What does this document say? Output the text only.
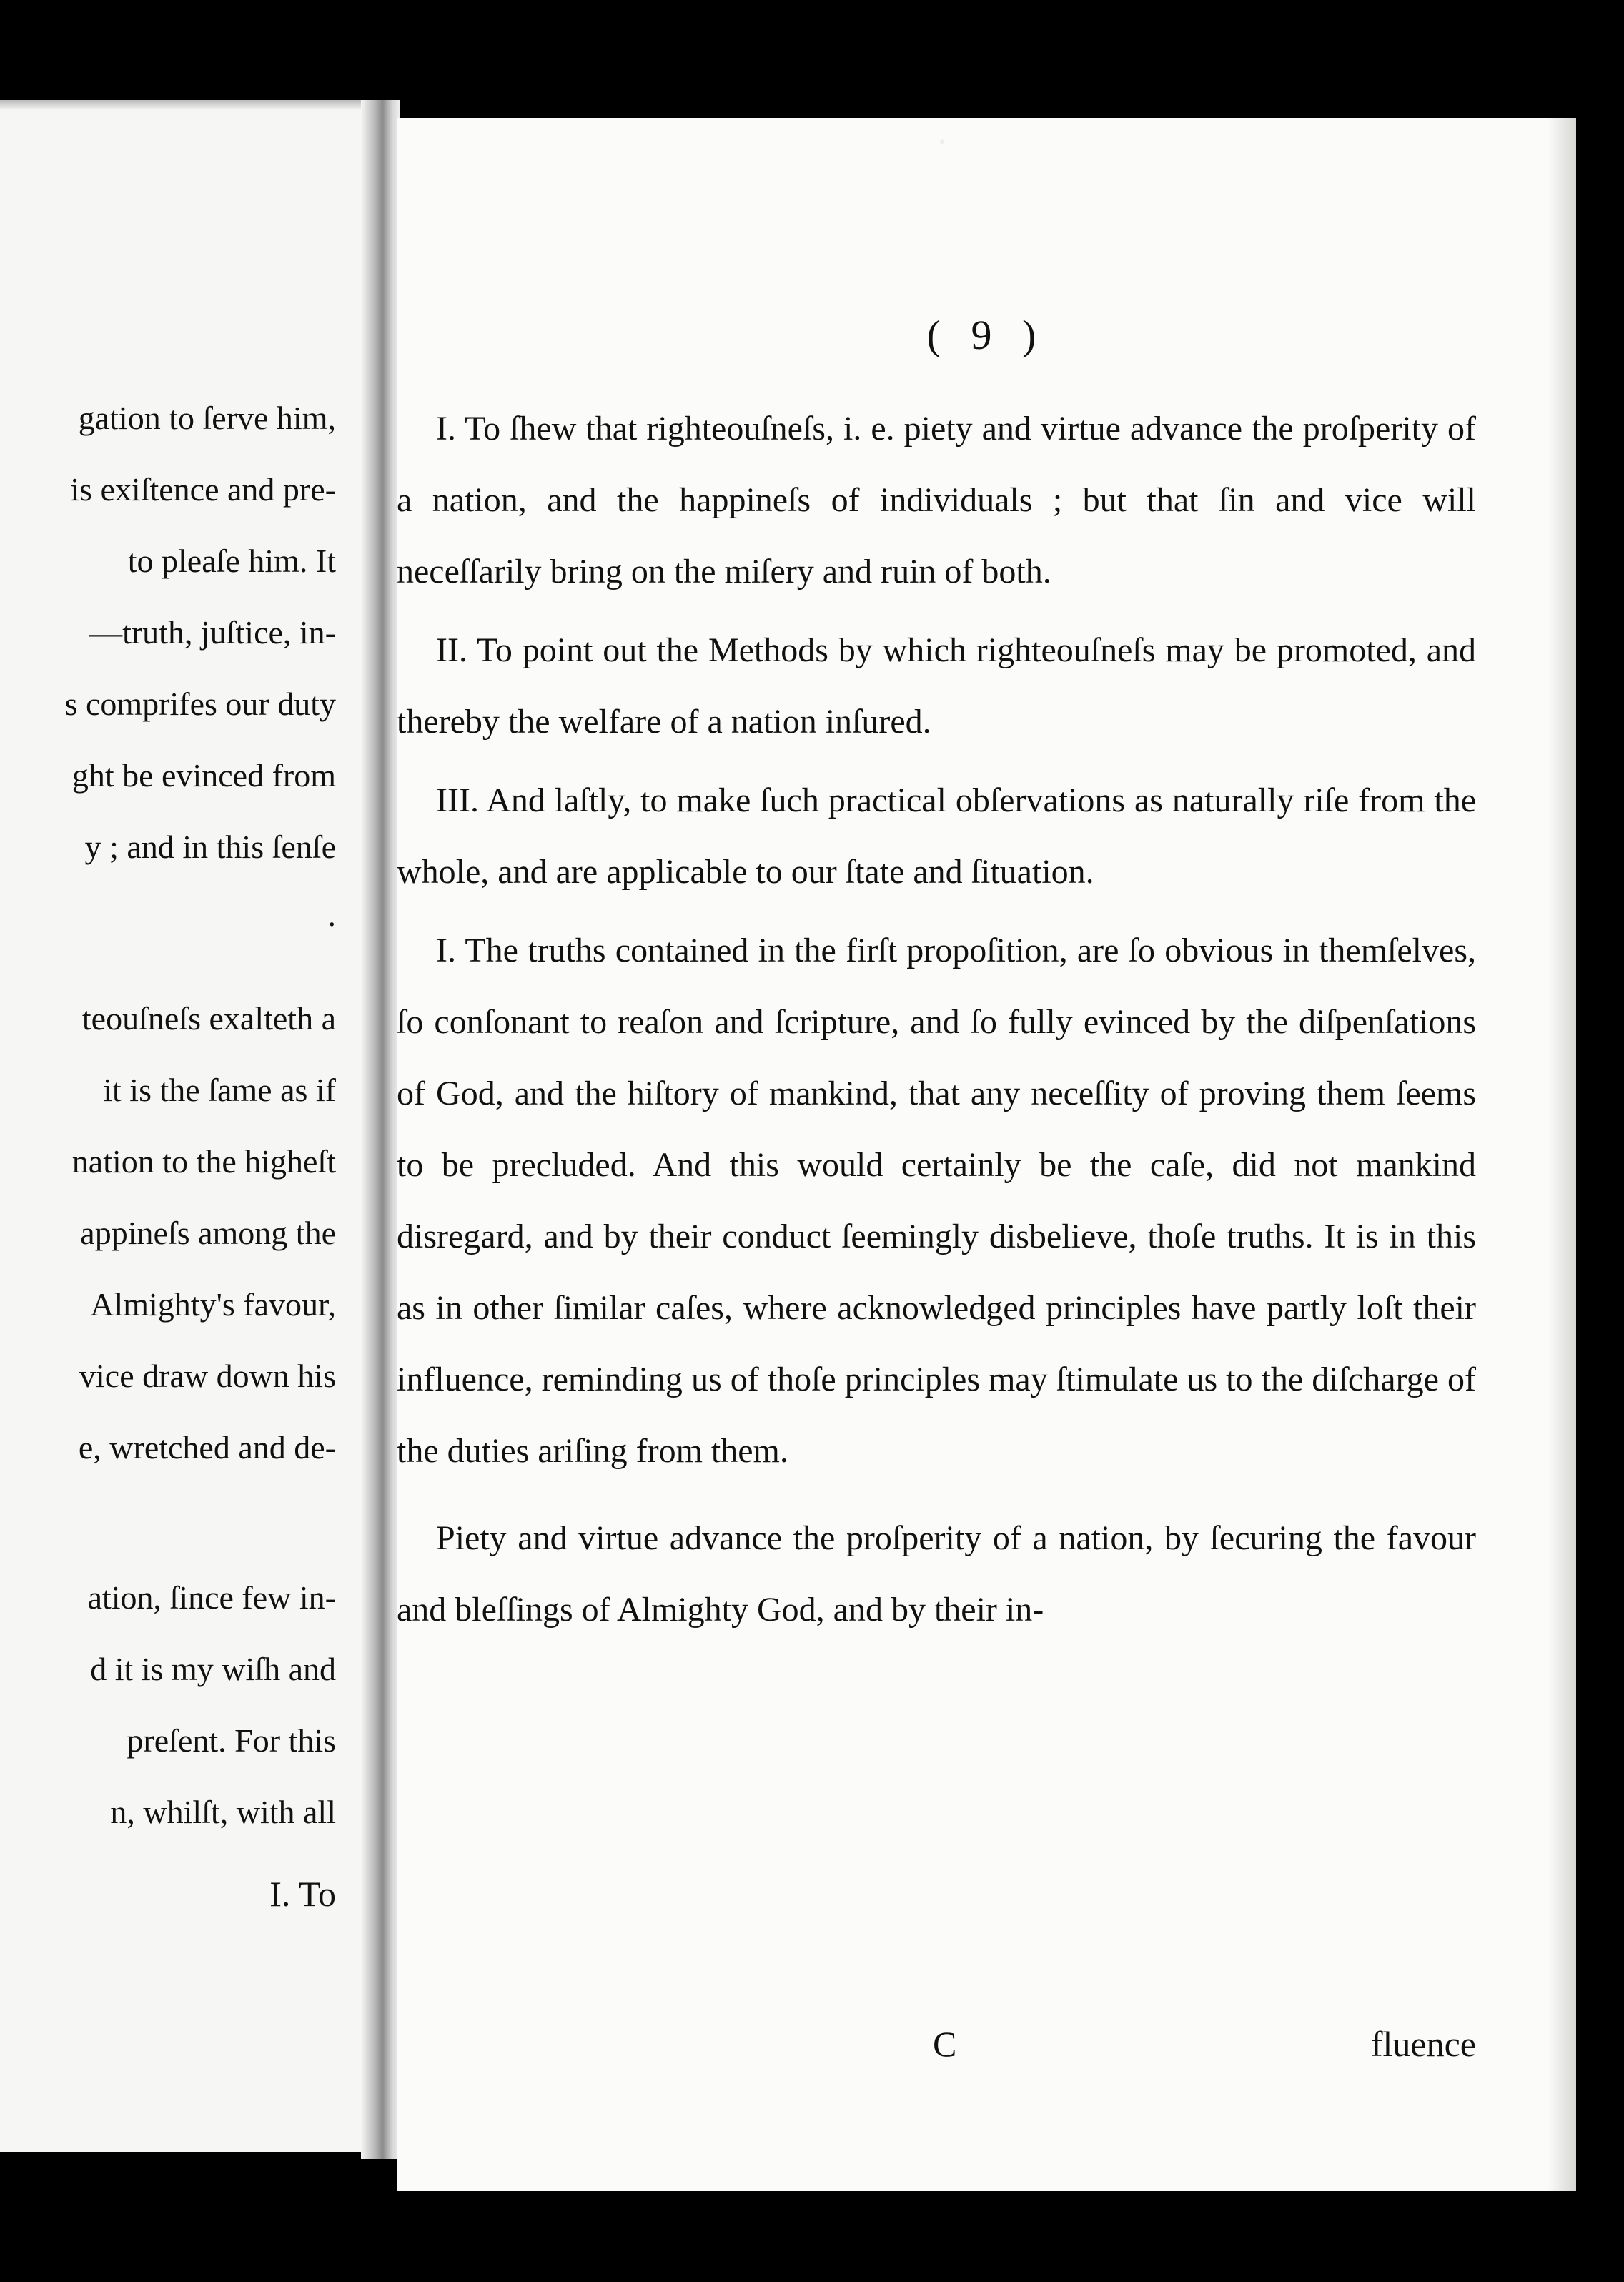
gation to ſerve him,
is exiſtence and pre-
to pleaſe him. It
—truth, juſtice, in-
s comprifes our duty
ght be evinced from
y ; and in this ſenſe
.
teouſneſs exalteth a
it is the ſame as if
nation to the higheſt
appineſs among the
Almighty's favour,
vice draw down his
e, wretched and de-
ation, ſince few in-
d it is my wiſh and
preſent. For this
n, whilſt, with all
I. To
( 9 )

I. To ſhew that righteouſneſs, i. e. piety and virtue advance the proſperity of a nation, and the happineſs of individuals ; but that ſin and vice will neceſſarily bring on the miſery and ruin of both.

II. To point out the Methods by which righteouſneſs may be promoted, and thereby the welfare of a nation inſured.

III. And laſtly, to make ſuch practical obſervations as naturally riſe from the whole, and are applicable to our ſtate and ſituation.

I. The truths contained in the firſt propoſition, are ſo obvious in themſelves, ſo conſonant to reaſon and ſcripture, and ſo fully evinced by the diſpenſations of God, and the hiſtory of mankind, that any neceſſity of proving them ſeems to be precluded. And this would certainly be the caſe, did not mankind disregard, and by their conduct ſeemingly disbelieve, thoſe truths. It is in this as in other ſimilar caſes, where acknowledged principles have partly loſt their influence, reminding us of thoſe principles may ſtimulate us to the diſcharge of the duties ariſing from them.

Piety and virtue advance the proſperity of a nation, by ſecuring the favour and bleſſings of Almighty God, and by their in-

C	fluence
